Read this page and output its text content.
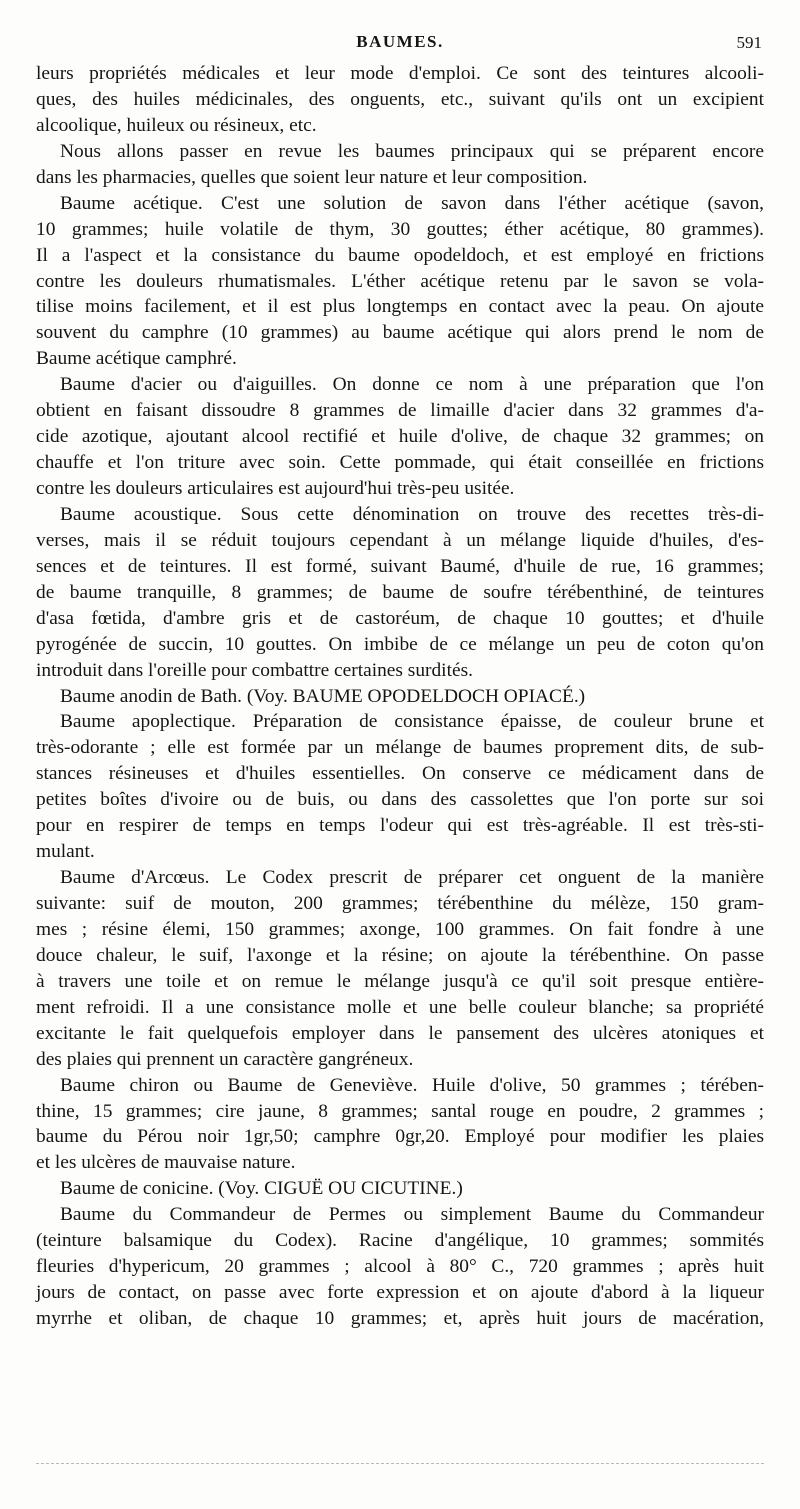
BAUMES.	591
leurs propriétés médicales et leur mode d'emploi. Ce sont des teintures alcooli-
ques, des huiles médicinales, des onguents, etc., suivant qu'ils ont un excipient
alcoolique, huileux ou résineux, etc.
Nous allons passer en revue les baumes principaux qui se préparent encore
dans les pharmacies, quelles que soient leur nature et leur composition.
Baume acétique. C'est une solution de savon dans l'éther acétique (savon,
10 grammes; huile volatile de thym, 30 gouttes; éther acétique, 80 grammes).
Il a l'aspect et la consistance du baume opodeldoch, et est employé en frictions
contre les douleurs rhumatismales. L'éther acétique retenu par le savon se vola-
tilise moins facilement, et il est plus longtemps en contact avec la peau. On ajoute
souvent du camphre (10 grammes) au baume acétique qui alors prend le nom de
Baume acétique camphré.
Baume d'acier ou d'aiguilles. On donne ce nom à une préparation que l'on
obtient en faisant dissoudre 8 grammes de limaille d'acier dans 32 grammes d'a-
cide azotique, ajoutant alcool rectifié et huile d'olive, de chaque 32 grammes; on
chauffe et l'on triture avec soin. Cette pommade, qui était conseillée en frictions
contre les douleurs articulaires est aujourd'hui très-peu usitée.
Baume acoustique. Sous cette dénomination on trouve des recettes très-di-
verses, mais il se réduit toujours cependant à un mélange liquide d'huiles, d'es-
sences et de teintures. Il est formé, suivant Baumé, d'huile de rue, 16 grammes;
de baume tranquille, 8 grammes; de baume de soufre térébenthiné, de teintures
d'asa fœtida, d'ambre gris et de castoréum, de chaque 10 gouttes; et d'huile
pyrogénée de succin, 10 gouttes. On imbibe de ce mélange un peu de coton qu'on
introduit dans l'oreille pour combattre certaines surdités.
Baume anodin de Bath. (Voy. BAUME OPODELDOCH OPIACÉ.)
Baume apoplectique. Préparation de consistance épaisse, de couleur brune et
très-odorante ; elle est formée par un mélange de baumes proprement dits, de sub-
stances résineuses et d'huiles essentielles. On conserve ce médicament dans de
petites boîtes d'ivoire ou de buis, ou dans des cassolettes que l'on porte sur soi
pour en respirer de temps en temps l'odeur qui est très-agréable. Il est très-sti-
mulant.
Baume d'Arcœus. Le Codex prescrit de préparer cet onguent de la manière
suivante: suif de mouton, 200 grammes; térébenthine du mélèze, 150 gram-
mes ; résine élemi, 150 grammes; axonge, 100 grammes. On fait fondre à une
douce chaleur, le suif, l'axonge et la résine; on ajoute la térébenthine. On passe
à travers une toile et on remue le mélange jusqu'à ce qu'il soit presque entière-
ment refroidi. Il a une consistance molle et une belle couleur blanche; sa propriété
excitante le fait quelquefois employer dans le pansement des ulcères atoniques et
des plaies qui prennent un caractère gangréneux.
Baume chiron ou Baume de Geneviève. Huile d'olive, 50 grammes ; térében-
thine, 15 grammes; cire jaune, 8 grammes; santal rouge en poudre, 2 grammes ;
baume du Pérou noir 1gr,50; camphre 0gr,20. Employé pour modifier les plaies
et les ulcères de mauvaise nature.
Baume de conicine. (Voy. CIGUË OU CICUTINE.)
Baume du Commandeur de Permes ou simplement Baume du Commandeur
(teinture balsamique du Codex). Racine d'angélique, 10 grammes; sommités
fleuries d'hypericum, 20 grammes ; alcool à 80° C., 720 grammes ; après huit
jours de contact, on passe avec forte expression et on ajoute d'abord à la liqueur
myrrhe et oliban, de chaque 10 grammes; et, après huit jours de macération,
